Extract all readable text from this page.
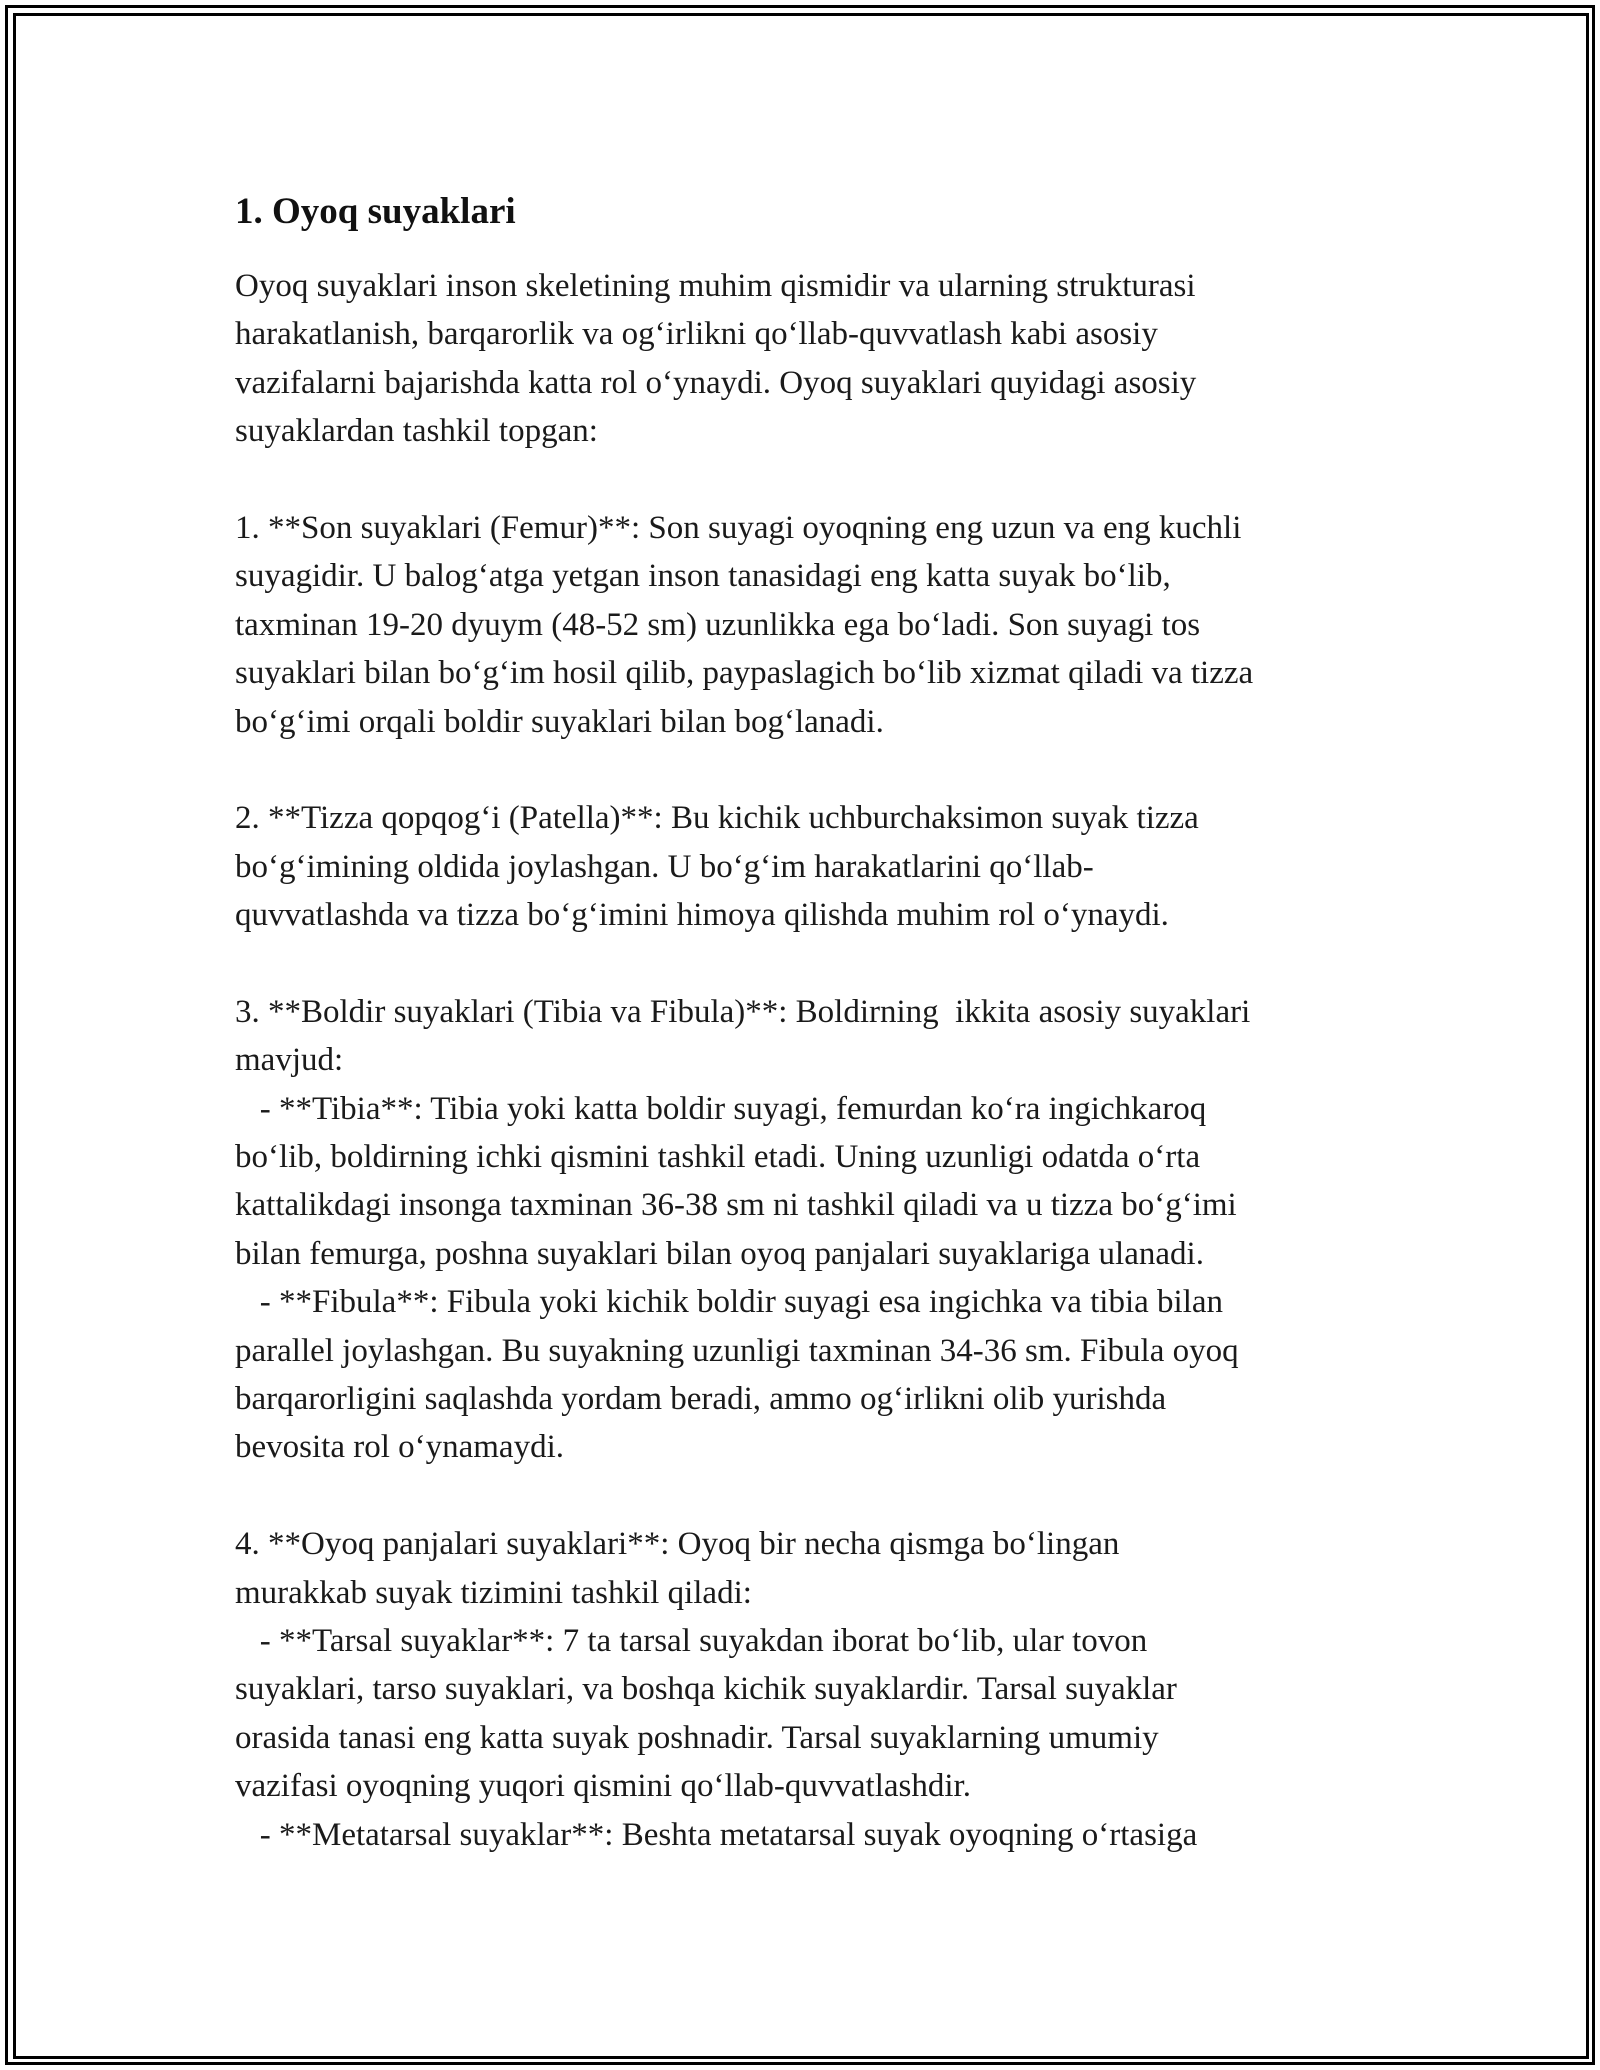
1. Oyoq suyaklari
Oyoq suyaklari inson skeletining muhim qismidir va ularning strukturasi
harakatlanish, barqarorlik va og‘irlikni qo‘llab-quvvatlash kabi asosiy
vazifalarni bajarishda katta rol o‘ynaydi. Oyoq suyaklari quyidagi asosiy
suyaklardan tashkil topgan:
1. **Son suyaklari (Femur)**: Son suyagi oyoqning eng uzun va eng kuchli
suyagidir. U balog‘atga yetgan inson tanasidagi eng katta suyak bo‘lib,
taxminan 19-20 dyuym (48-52 sm) uzunlikka ega bo‘ladi. Son suyagi tos
suyaklari bilan bo‘g‘im hosil qilib, paypaslagich bo‘lib xizmat qiladi va tizza
bo‘g‘imi orqali boldir suyaklari bilan bog‘lanadi.
2. **Tizza qopqog‘i (Patella)**: Bu kichik uchburchaksimon suyak tizza
bo‘g‘imining oldida joylashgan. U bo‘g‘im harakatlarini qo‘llab-
quvvatlashda va tizza bo‘g‘imini himoya qilishda muhim rol o‘ynaydi.
3. **Boldir suyaklari (Tibia va Fibula)**: Boldirning  ikkita asosiy suyaklari
mavjud:
- **Tibia**: Tibia yoki katta boldir suyagi, femurdan ko‘ra ingichkaroq
bo‘lib, boldirning ichki qismini tashkil etadi. Uning uzunligi odatda o‘rta
kattalikdagi insonga taxminan 36-38 sm ni tashkil qiladi va u tizza bo‘g‘imi
bilan femurga, poshna suyaklari bilan oyoq panjalari suyaklariga ulanadi.
- **Fibula**: Fibula yoki kichik boldir suyagi esa ingichka va tibia bilan
parallel joylashgan. Bu suyakning uzunligi taxminan 34-36 sm. Fibula oyoq
barqarorligini saqlashda yordam beradi, ammo og‘irlikni olib yurishda
bevosita rol o‘ynamaydi.
4. **Oyoq panjalari suyaklari**: Oyoq bir necha qismga bo‘lingan
murakkab suyak tizimini tashkil qiladi:
- **Tarsal suyaklar**: 7 ta tarsal suyakdan iborat bo‘lib, ular tovon
suyaklari, tarso suyaklari, va boshqa kichik suyaklardir. Tarsal suyaklar
orasida tanasi eng katta suyak poshnadir. Tarsal suyaklarning umumiy
vazifasi oyoqning yuqori qismini qo‘llab-quvvatlashdir.
- **Metatarsal suyaklar**: Beshta metatarsal suyak oyoqning o‘rtasiga
